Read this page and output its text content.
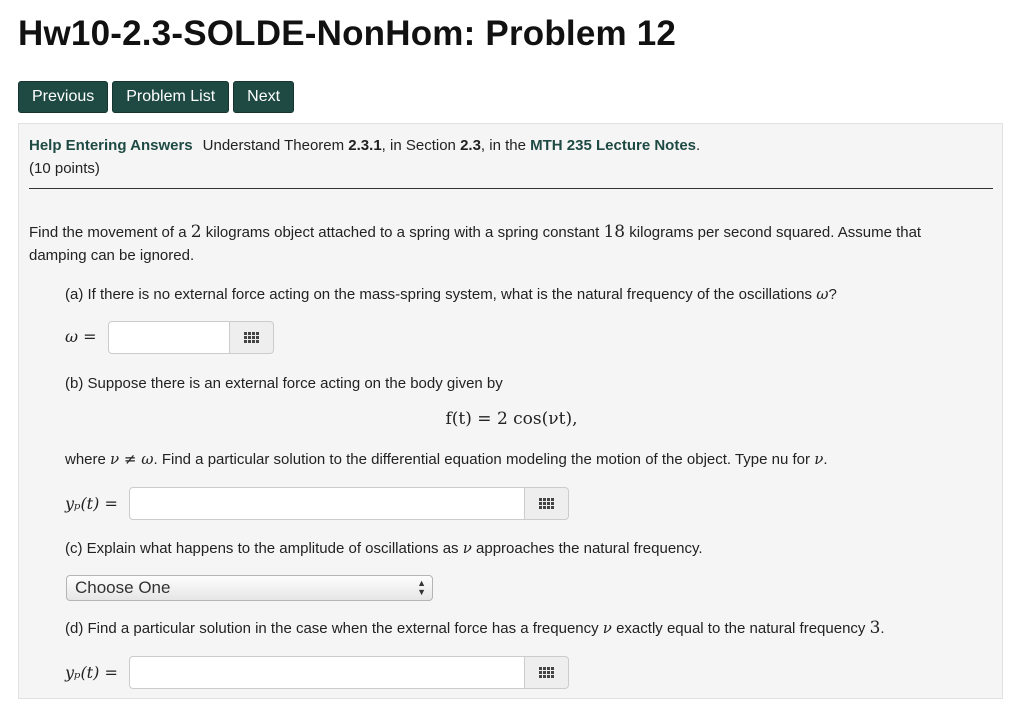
Hw10-2.3-SOLDE-NonHom: Problem 12
Previous	Problem List	Next
Help Entering Answers Understand Theorem 2.3.1, in Section 2.3, in the MTH 235 Lecture Notes.
(10 points)
Find the movement of a 2 kilograms object attached to a spring with a spring constant 18 kilograms per second squared. Assume that
damping can be ignored.
(a) If there is no external force acting on the mass-spring system, what is the natural frequency of the oscillations ω?
ω =
(b) Suppose there is an external force acting on the body given by
f(t) = 2 cos(νt),
where ν ≠ ω. Find a particular solution to the differential equation modeling the motion of the object. Type nu for ν.
yₚ(t) =
(c) Explain what happens to the amplitude of oscillations as ν approaches the natural frequency.
Choose One	▲
▼
(d) Find a particular solution in the case when the external force has a frequency ν exactly equal to the natural frequency 3.
yₚ(t) =
